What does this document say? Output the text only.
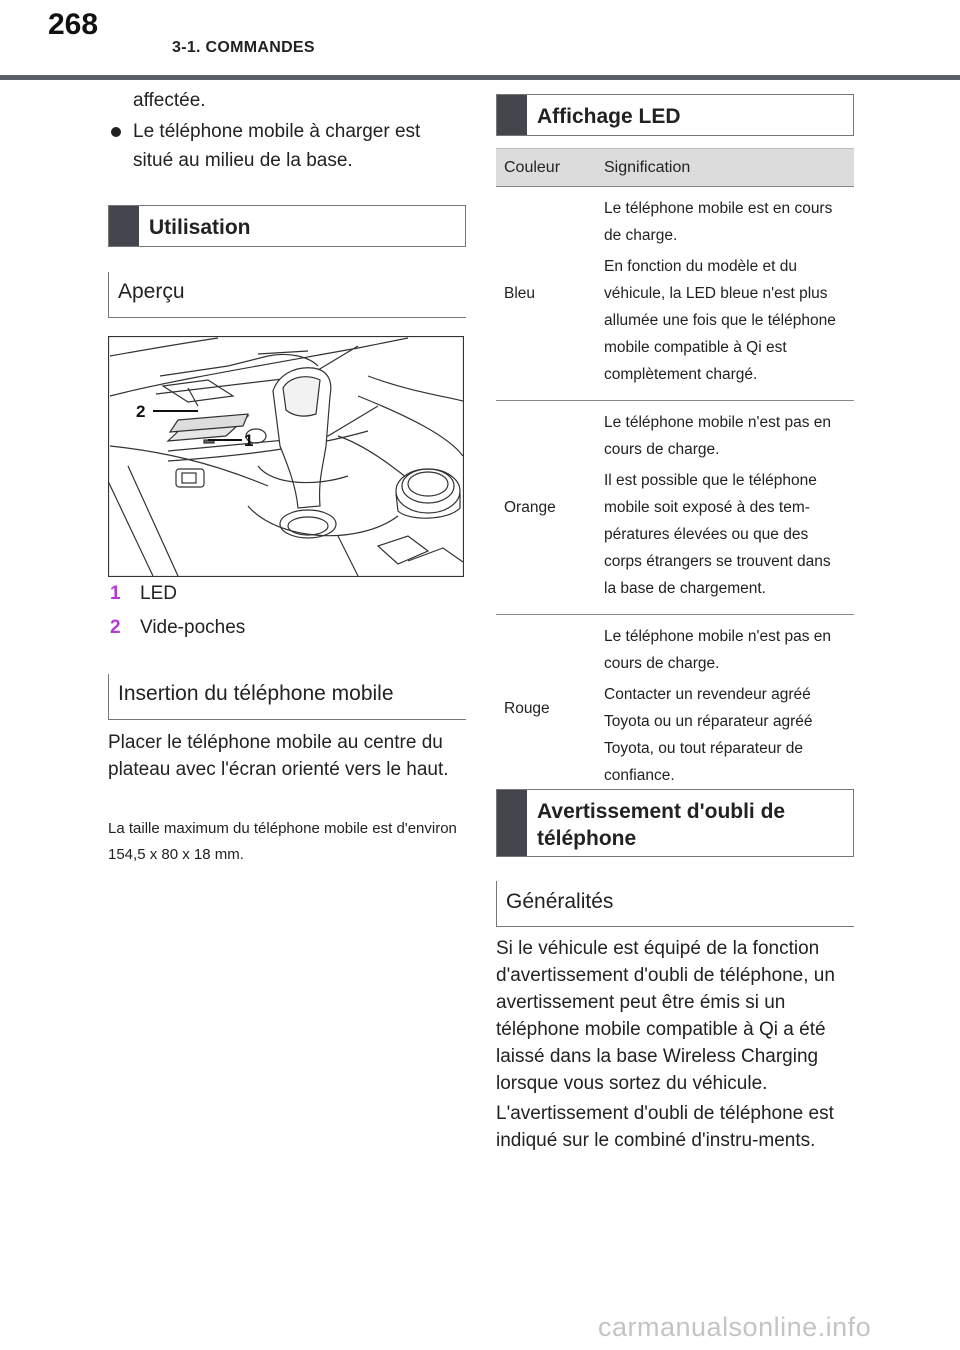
268
3-1. COMMANDES
affectée.
Le téléphone mobile à charger est situé au milieu de la base.
Utilisation
Aperçu
2
1
1 LED
2 Vide-poches
Insertion du téléphone mobile
Placer le téléphone mobile au centre du plateau avec l'écran orienté vers le haut.
La taille maximum du téléphone mobile est d'environ 154,5 x 80 x 18 mm.
Affichage LED
Couleur	Signification
Bleu	Le téléphone mobile est en cours de charge.

En fonction du modèle et du véhicule, la LED bleue n'est plus allumée une fois que le téléphone mobile compatible à Qi est complètement chargé.

Orange	Le téléphone mobile n'est pas en cours de charge.

Il est possible que le téléphone mobile soit exposé à des tem-pératures élevées ou que des corps étrangers se trouvent dans la base de chargement.

Rouge	Le téléphone mobile n'est pas en cours de charge.

Contacter un revendeur agréé Toyota ou un réparateur agréé Toyota, ou tout réparateur de confiance.

Avertissement d'oubli de téléphone
Généralités
Si le véhicule est équipé de la fonction d'avertissement d'oubli de téléphone, un avertissement peut être émis si un téléphone mobile compatible à Qi a été laissé dans la base Wireless Charging lorsque vous sortez du véhicule.
L'avertissement d'oubli de téléphone est indiqué sur le combiné d'instru-ments.
carmanualsonline.info
